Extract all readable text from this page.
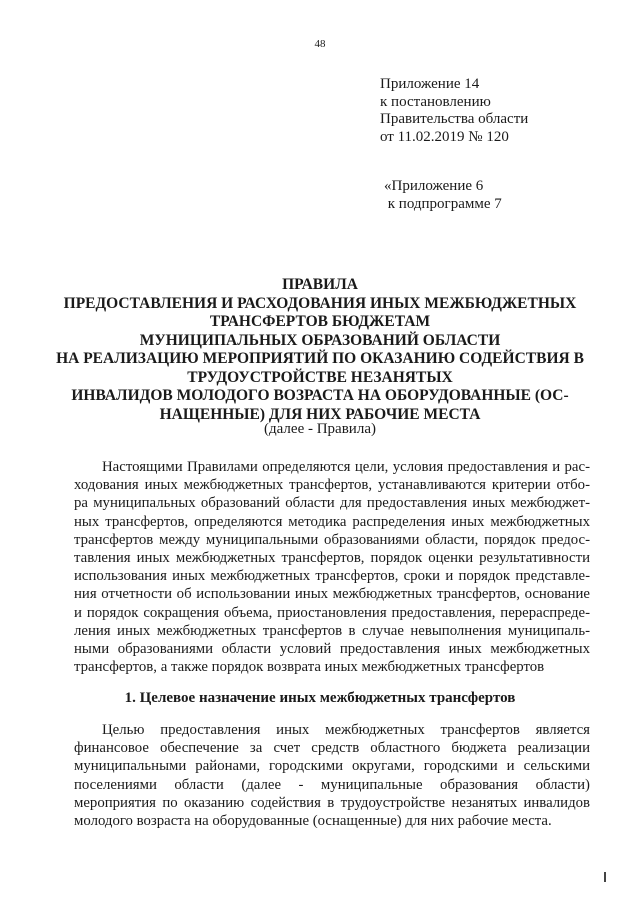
48
Приложение 14
к постановлению
Правительства области
от 11.02.2019 № 120
«Приложение 6
к подпрограмме 7
ПРАВИЛА
ПРЕДОСТАВЛЕНИЯ И РАСХОДОВАНИЯ ИНЫХ МЕЖБЮДЖЕТНЫХ
ТРАНСФЕРТОВ БЮДЖЕТАМ
МУНИЦИПАЛЬНЫХ ОБРАЗОВАНИЙ ОБЛАСТИ
НА РЕАЛИЗАЦИЮ МЕРОПРИЯТИЙ ПО ОКАЗАНИЮ СОДЕЙСТВИЯ В
ТРУДОУСТРОЙСТВЕ НЕЗАНЯТЫХ
ИНВАЛИДОВ МОЛОДОГО ВОЗРАСТА НА ОБОРУДОВАННЫЕ (ОС-
НАЩЕННЫЕ) ДЛЯ НИХ РАБОЧИЕ МЕСТА
(далее - Правила)
Настоящими Правилами определяются цели, условия предоставления и рас-
ходования иных межбюджетных трансфертов, устанавливаются критерии отбо-
ра муниципальных образований области для предоставления иных межбюджет-
ных трансфертов, определяются методика распределения иных межбюджетных
трансфертов между муниципальными образованиями области, порядок предос-
тавления иных межбюджетных трансфертов, порядок оценки результативности
использования иных межбюджетных трансфертов, сроки и порядок представле-
ния отчетности об использовании иных межбюджетных трансфертов, основание
и порядок сокращения объема, приостановления предоставления, перераспреде-
ления иных межбюджетных трансфертов в случае невыполнения муниципаль-
ными образованиями области условий предоставления иных межбюджетных
трансфертов, а также порядок возврата иных межбюджетных трансфертов
1. Целевое назначение иных межбюджетных трансфертов
Целью   предоставления   иных   межбюджетных   трансфертов   является
финансовое  обеспечение  за  счет  средств  областного  бюджета  реализации
муниципальными районами, городскими округами, городскими и сельскими
поселениями   области   (далее   -   муниципальные   образования   области)
мероприятия по оказанию содействия в трудоустройстве незанятых инвалидов
молодого возраста на оборудованные (оснащенные) для них рабочие места.
